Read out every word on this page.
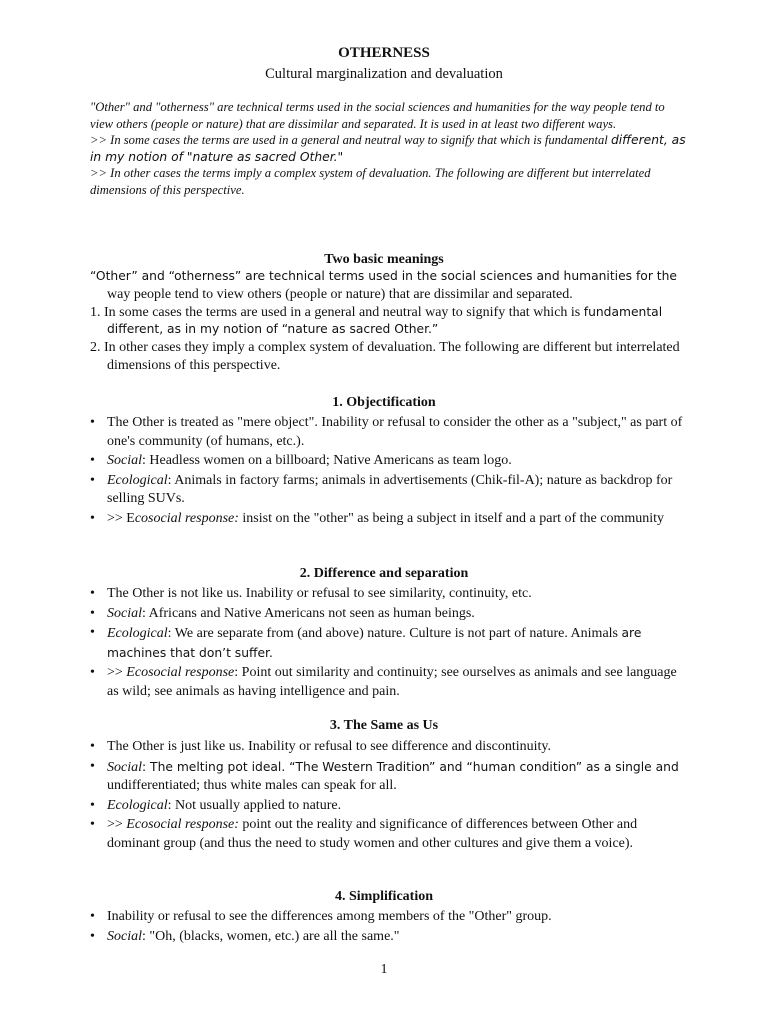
OTHERNESS
Cultural marginalization and devaluation

"Other" and "otherness" are technical terms used in the social sciences and humanities for the way people tend to view others (people or nature) that are dissimilar and separated. It is used in at least two different ways.

>> In some cases the terms are used in a general and neutral way to signify that which is fundamental different, as in my notion of "nature as sacred Other."

>> In other cases the terms imply a complex system of devaluation. The following are different but interrelated dimensions of this perspective.

Two basic meanings

“Other” and “otherness” are technical terms used in the social sciences and humanities for the way people tend to view others (people or nature) that are dissimilar and separated.

1. In some cases the terms are used in a general and neutral way to signify that which is fundamental different, as in my notion of “nature as sacred Other.”

2. In other cases they imply a complex system of devaluation. The following are different but interrelated dimensions of this perspective.

1. Objectification
• The Other is treated as "mere object". Inability or refusal to consider the other as a "subject," as part of one's community (of humans, etc.).
• Social: Headless women on a billboard; Native Americans as team logo.
• Ecological: Animals in factory farms; animals in advertisements (Chik-fil-A); nature as backdrop for selling SUVs.
• >> Ecosocial response: insist on the "other" as being a subject in itself and a part of the community
2. Difference and separation
• The Other is not like us. Inability or refusal to see similarity, continuity, etc.
• Social: Africans and Native Americans not seen as human beings.
• Ecological: We are separate from (and above) nature. Culture is not part of nature. Animals are machines that don’t suffer.
• >> Ecosocial response: Point out similarity and continuity; see ourselves as animals and see language as wild; see animals as having intelligence and pain.
3. The Same as Us
• The Other is just like us. Inability or refusal to see difference and discontinuity.
• Social: The melting pot ideal. “The Western Tradition” and “human condition” as a single and undifferentiated; thus white males can speak for all.
• Ecological: Not usually applied to nature.
• >> Ecosocial response: point out the reality and significance of differences between Other and dominant group (and thus the need to study women and other cultures and give them a voice).
4. Simplification
• Inability or refusal to see the differences among members of the "Other" group.
• Social: "Oh, (blacks, women, etc.) are all the same."
1
